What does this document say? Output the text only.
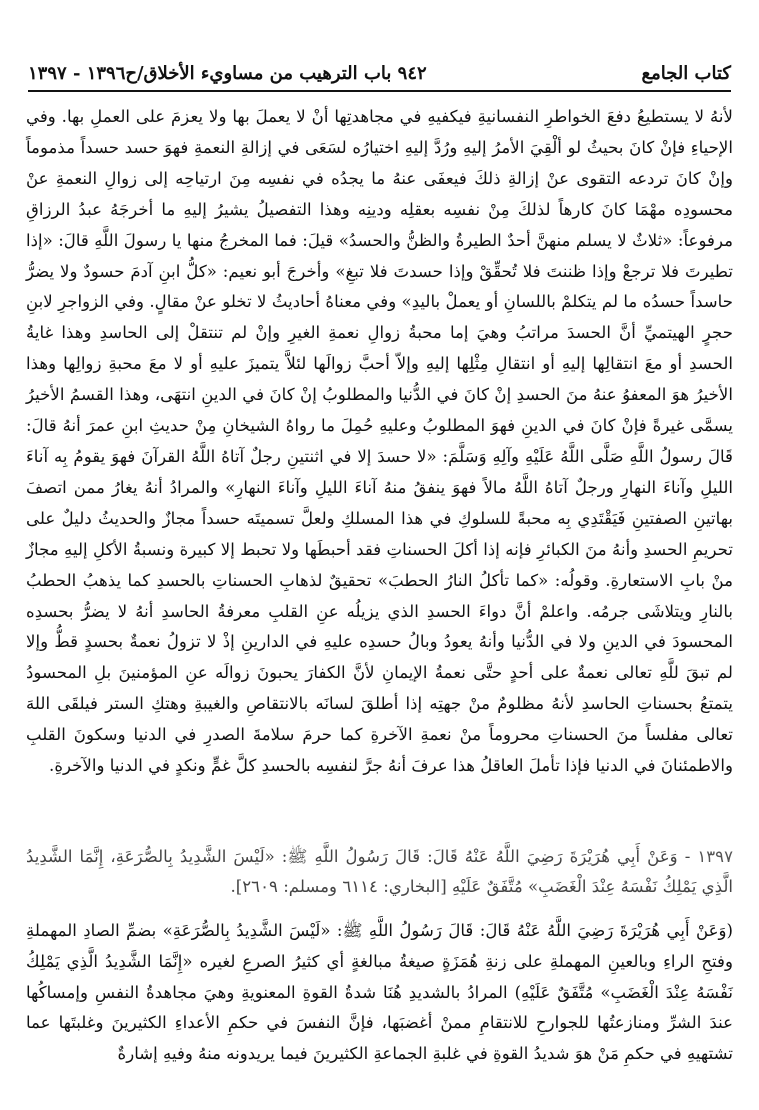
٩٤٢ باب الترهيب من مساويء الأخلاق/ح١٣٩٦ - ١٣٩٧	كتاب الجامع

لأنهُ لا يستطيعُ دفعَ الخواطرِ النفسانيةِ فيكفيهِ في مجاهدتِها أنْ لا يعملَ بها ولا يعزمَ على العملِ بها. وفي الإحياءِ فإنْ كانَ بحيثُ لو ألْقِيَ الأمرُ إليهِ ورُدَّ إليهِ اختيارُه لسَعَى في إزالةِ النعمةِ فهوَ حسد حسداً مذموماً وإنْ كانَ تردعه التقوى عنْ إزالةِ ذلكَ فيعفَى عنهُ ما يجدُه في نفسِه مِنَ ارتياحِه إلى زوالِ النعمةِ عنْ محسودِه مهْمَا كانَ كارهاً لذلكَ مِنْ نفسِه بعقلِه ودينِه وهذا التفصيلُ يشيرُ إليهِ ما أخرجَهُ عبدُ الرزاقِ مرفوعاً: «ثلاثٌ لا يسلم منهنَّ أحدٌ الطيرةُ والظنُّ والحسدُ» قيلَ: فما المخرجُ منها يا رسولَ اللَّهِ قالَ: «إذا تطيرتَ فلا ترجعْ وإذا ظننتَ فلا تُحقِّقْ وإذا حسدتَ فلا تبغِ» وأخرجَ أبو نعيم: «كلُّ ابنِ آدمَ حسودٌ ولا يضرُّ حاسداً حسدُه ما لم يتكلمْ باللسانِ أو يعملْ باليدِ» وفي معناهُ أحاديثُ لا تخلو عنْ مقالٍ. وفي الزواجرِ لابنِ حجرٍ الهيتميِّ أنَّ الحسدَ مراتبُ وهيَ إما محبةُ زوالِ نعمةِ الغيرِ وإنْ لم تنتقلْ إلى الحاسدِ وهذا غايةُ الحسدِ أو معَ انتقالِها إليهِ أو انتقالِ مِثْلِها إليهِ وإلاّ أحبَّ زوالَها لئلاَّ يتميزَ عليهِ أو لا معَ محبةِ زوالِها وهذا الأخيرُ هوَ المعفوُ عنهُ منَ الحسدِ إنْ كانَ في الدُّنيا والمطلوبُ إنْ كانَ في الدينِ انتهَى، وهذا القسمُ الأخيرُ يسمَّى غيرةً فإنْ كانَ في الدينِ فهوَ المطلوبُ وعليهِ حُمِلَ ما رواهُ الشيخانِ مِنْ حديثِ ابنِ عمرَ أنهُ قالَ: قَالَ رسولُ اللَّهِ صَلَّى اللَّهُ عَلَيْهِ وآلِهِ وَسَلَّمَ: «لا حسدَ إلا في اثنتينِ رجلٌ آتاهُ اللَّهُ القرآنَ فهوَ يقومُ بِه آناءَ الليلِ وآناءَ النهارِ ورجلٌ آتاهُ اللَّهُ مالاً فهوَ ينفقُ منهُ آناءَ الليلِ وآناءَ النهارِ» والمرادُ أنهُ يغارُ ممن اتصفَ بهاتينِ الصفتينِ فَيَقْتَدِي بِه محبةً للسلوكِ في هذا المسلكِ ولعلَّ تسميتَه حسداً مجازٌ والحديثُ دليلٌ على تحريمِ الحسدِ وأنهُ منَ الكبائرِ فإنه إذا أكلَ الحسناتِ فقد أحبطَها ولا تحبط إلا كبيرة ونسبةُ الأكلِ إليهِ مجازٌ منْ بابِ الاستعارةِ. وقولُه: «كما تأكلُ النارُ الحطبَ» تحقيقٌ لذهابِ الحسناتِ بالحسدِ كما يذهبُ الحطبُ بالنارِ ويتلاشَى جرمُه. واعلمْ أنَّ دواءَ الحسدِ الذي يزيلُه عنِ القلبِ معرفةُ الحاسدِ أنهُ لا يضرُّ بحسدِه المحسودَ في الدينِ ولا في الدُّنيا وأنهُ يعودُ وبالُ حسدِه عليهِ في الدارينِ إذْ لا تزولُ نعمةٌ بحسدٍ قطُّ وإلا لم تبقَ للَّهِ تعالى نعمةٌ على أحدٍ حتَّى نعمةُ الإيمانِ لأنَّ الكفارَ يحبونَ زوالَه عنِ المؤمنينَ بلِ المحسودُ يتمتعُ بحسناتِ الحاسدِ لأنهُ مظلومٌ منْ جهتِه إذا أطلقَ لسانَه بالانتقاصِ والغيبةِ وهتكِ الستر فيلقَى اللهَ تعالى مفلساً منَ الحسناتِ محروماً منْ نعمةِ الآخرةِ كما حرمَ سلامةَ الصدرِ في الدنيا وسكونَ القلبِ والاطمئنانَ في الدنيا فإذا تأملَ العاقلُ هذا عرفَ أنهُ جرَّ لنفسِه بالحسدِ كلَّ غمٍّ ونكدٍ في الدنيا والآخرةِ.

١٣٩٧ - وَعَنْ أَبِي هُرَيْرَةَ رَضِيَ اللَّهُ عَنْهُ قَالَ: قَالَ رَسُولُ اللَّهِ ﷺ: «لَيْسَ الشَّدِيدُ بِالصُّرَعَةِ، إِنَّمَا الشَّدِيدُ الَّذِي يَمْلِكُ نَفْسَهُ عِنْدَ الْغَضَبِ» مُتَّفَقٌ عَلَيْهِ [البخاري: ٦١١٤ ومسلم: ٢٦٠٩].

(وَعَنْ أَبِي هُرَيْرَةَ رَضِيَ اللَّهُ عَنْهُ قَالَ: قَالَ رَسُولُ اللَّهِ ﷺ: «لَيْسَ الشَّدِيدُ بِالصُّرَعَةِ» بضمِّ الصادِ المهملةِ وفتحِ الراءِ وبالعينِ المهملةِ على زنةِ هُمَزَةٍ صيغةُ مبالغةٍ أي كثيرُ الصرعِ لغيره «إِنَّمَا الشَّدِيدُ الَّذِي يَمْلِكُ نَفْسَهُ عِنْدَ الْغَضَبِ» مُتَّفَقٌ عَلَيْهِ) المرادُ بالشديدِ هُنَا شدةُ القوةِ المعنويةِ وهيَ مجاهدةُ النفسِ وإمساكُها عندَ الشرِّ ومنازعتُها للجوارحِ للانتقامِ ممنْ أغضبَها، فإنَّ النفسَ في حكمِ الأعداءِ الكثيرينَ وغلبتَها عما تشتهيهِ في حكمِ مَنْ هوَ شديدُ القوةِ في غلبةِ الجماعةِ الكثيرينَ فيما يريدونه منهُ وفيهِ إشارةٌ
